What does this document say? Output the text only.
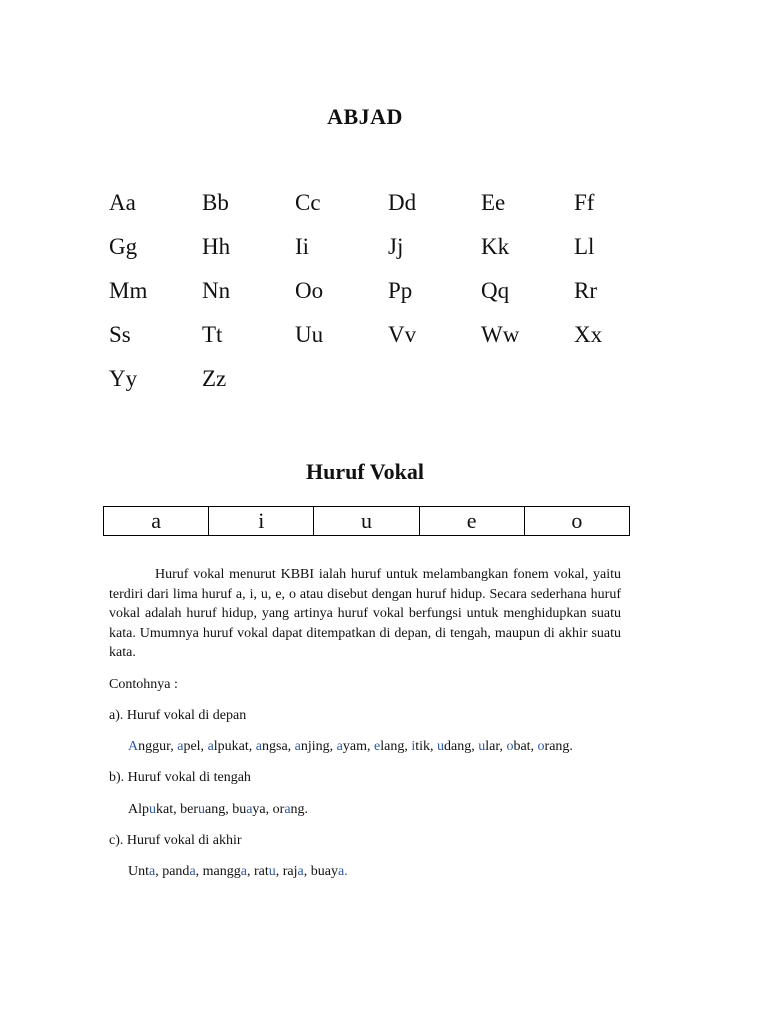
ABJAD
Aa	Bb	Cc	Dd	Ee	Ff
Gg	Hh	Ii	Jj	Kk	Ll
Mm	Nn	Oo	Pp	Qq	Rr
Ss	Tt	Uu	Vv	Ww	Xx
Yy	Zz
Huruf Vokal
a	i	u	e	o

Huruf vokal menurut KBBI ialah huruf untuk melambangkan fonem vokal, yaitu terdiri dari lima huruf a, i, u, e, o atau disebut dengan huruf hidup. Secara sederhana huruf vokal adalah huruf hidup, yang artinya huruf vokal berfungsi untuk menghidupkan suatu kata. Umumnya huruf vokal dapat ditempatkan di depan, di tengah, maupun di akhir suatu kata.

Contohnya :

a). Huruf vokal di depan

Anggur, apel, alpukat, angsa, anjing, ayam, elang, itik, udang, ular, obat, orang.

b). Huruf vokal di tengah

Alpukat, beruang, buaya, orang.

c). Huruf vokal di akhir

Unta, panda, mangga, ratu, raja, buaya.
